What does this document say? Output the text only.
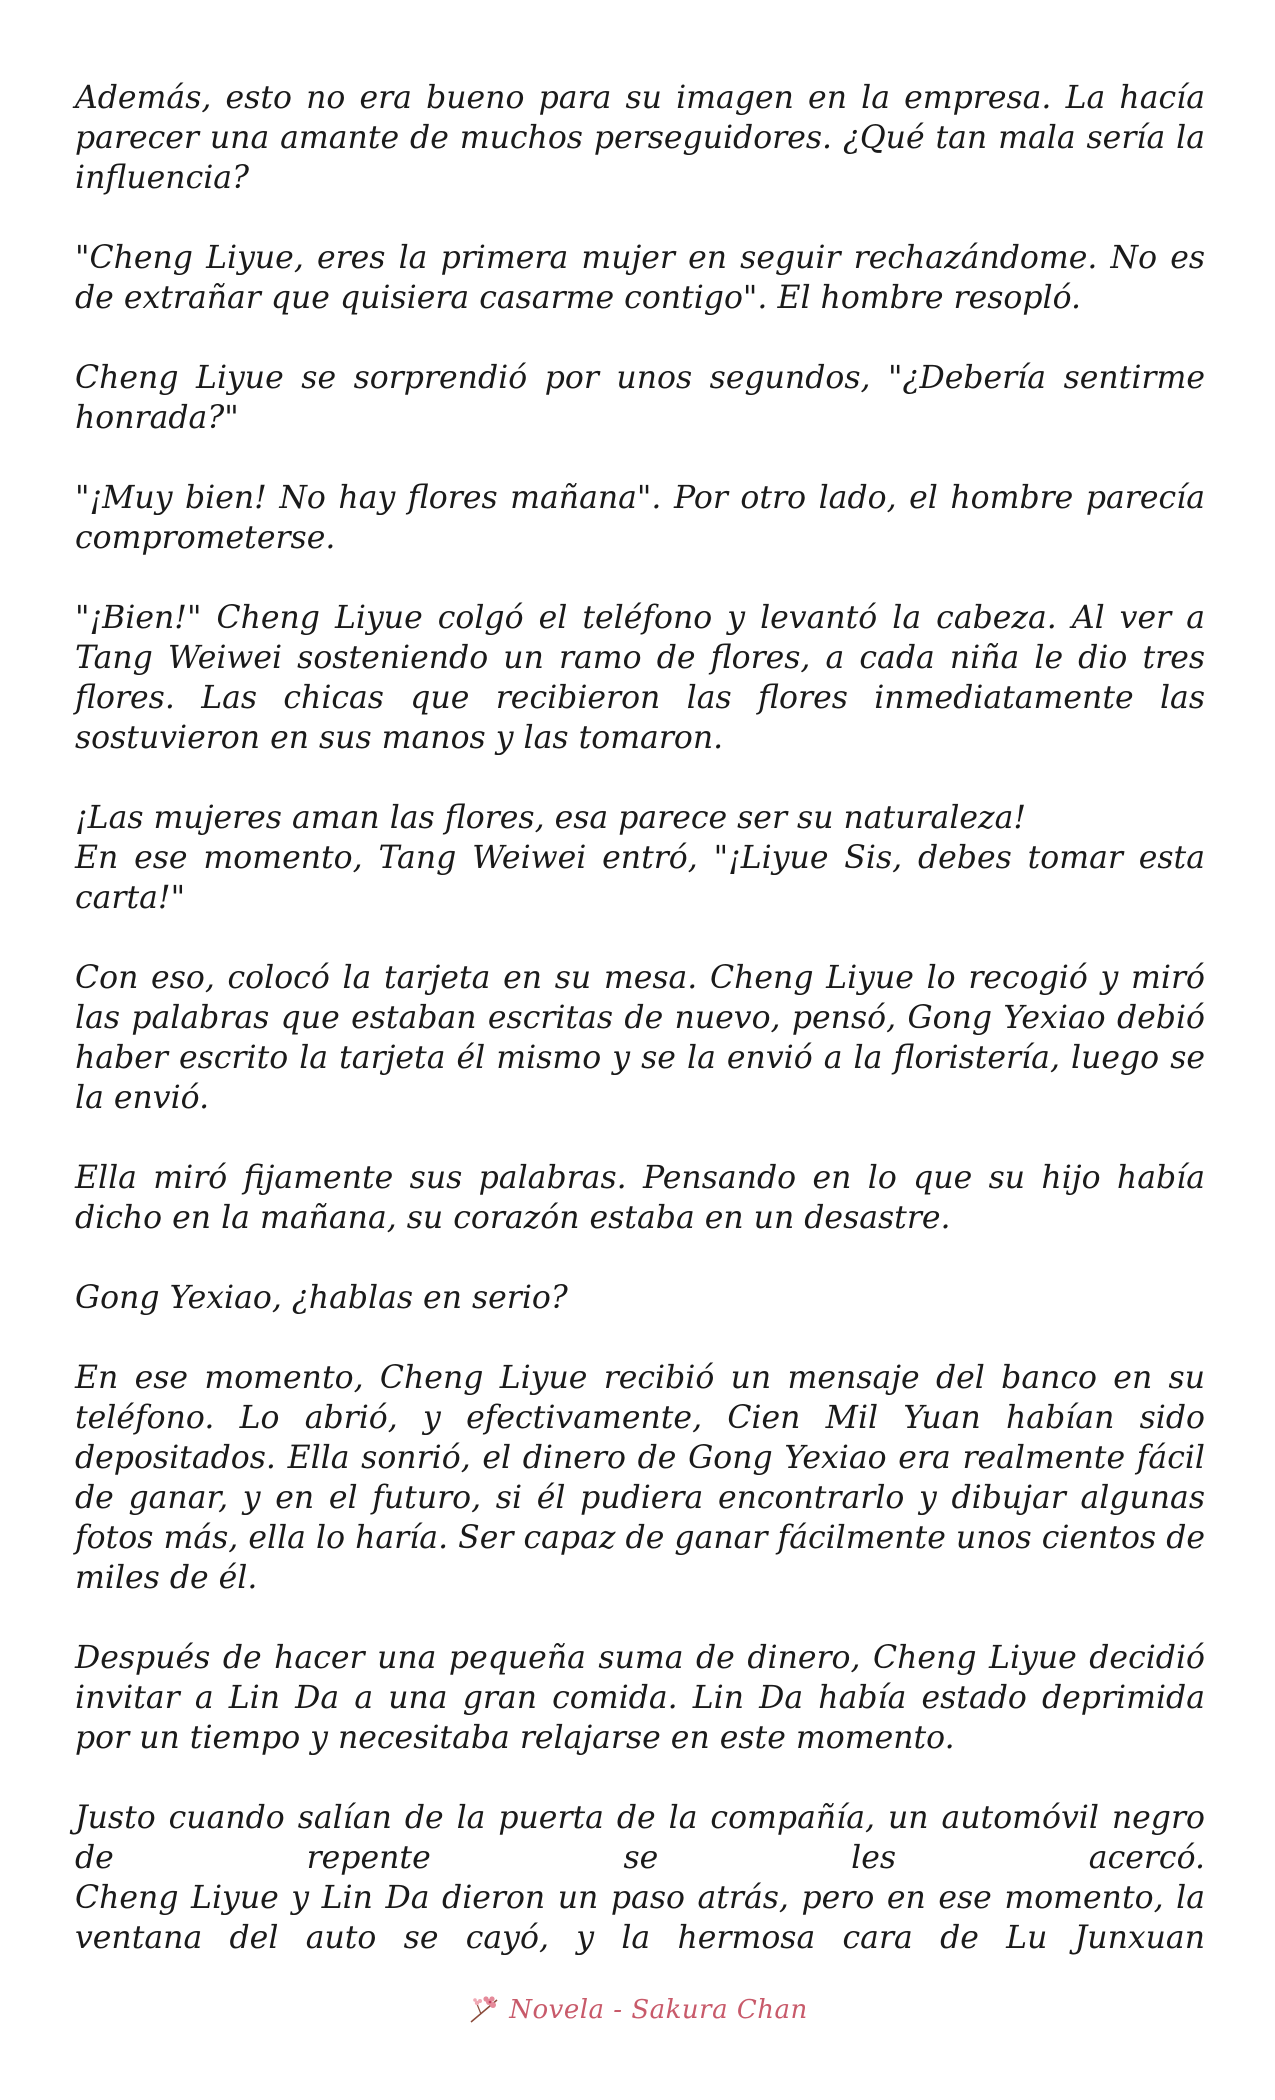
Además, esto no era bueno para su imagen en la empresa. La hacía parecer una amante de muchos perseguidores. ¿Qué tan mala sería la influencia?

"Cheng Liyue, eres la primera mujer en seguir rechazándome. No es de extrañar que quisiera casarme contigo". El hombre resopló.

Cheng Liyue se sorprendió por unos segundos, "¿Debería sentirme honrada?"

"¡Muy bien! No hay flores mañana". Por otro lado, el hombre parecía comprometerse.

"¡Bien!" Cheng Liyue colgó el teléfono y levantó la cabeza. Al ver a Tang Weiwei sosteniendo un ramo de flores, a cada niña le dio tres flores. Las chicas que recibieron las flores inmediatamente las sostuvieron en sus manos y las tomaron.

¡Las mujeres aman las flores, esa parece ser su naturaleza!
En ese momento, Tang Weiwei entró, "¡Liyue Sis, debes tomar esta carta!"

Con eso, colocó la tarjeta en su mesa. Cheng Liyue lo recogió y miró las palabras que estaban escritas de nuevo, pensó, Gong Yexiao debió haber escrito la tarjeta él mismo y se la envió a la floristería, luego se la envió.

Ella miró fijamente sus palabras. Pensando en lo que su hijo había dicho en la mañana, su corazón estaba en un desastre.

Gong Yexiao, ¿hablas en serio?

En ese momento, Cheng Liyue recibió un mensaje del banco en su teléfono. Lo abrió, y efectivamente, Cien Mil Yuan habían sido depositados. Ella sonrió, el dinero de Gong Yexiao era realmente fácil de ganar, y en el futuro, si él pudiera encontrarlo y dibujar algunas fotos más, ella lo haría. Ser capaz de ganar fácilmente unos cientos de miles de él.

Después de hacer una pequeña suma de dinero, Cheng Liyue decidió invitar a Lin Da a una gran comida. Lin Da había estado deprimida por un tiempo y necesitaba relajarse en este momento.

Justo cuando salían de la puerta de la compañía, un automóvil negro de repente se les acercó.
Cheng Liyue y Lin Da dieron un paso atrás, pero en ese momento, la ventana del auto se cayó, y la hermosa cara de Lu Junxuan

Novela - Sakura Chan
